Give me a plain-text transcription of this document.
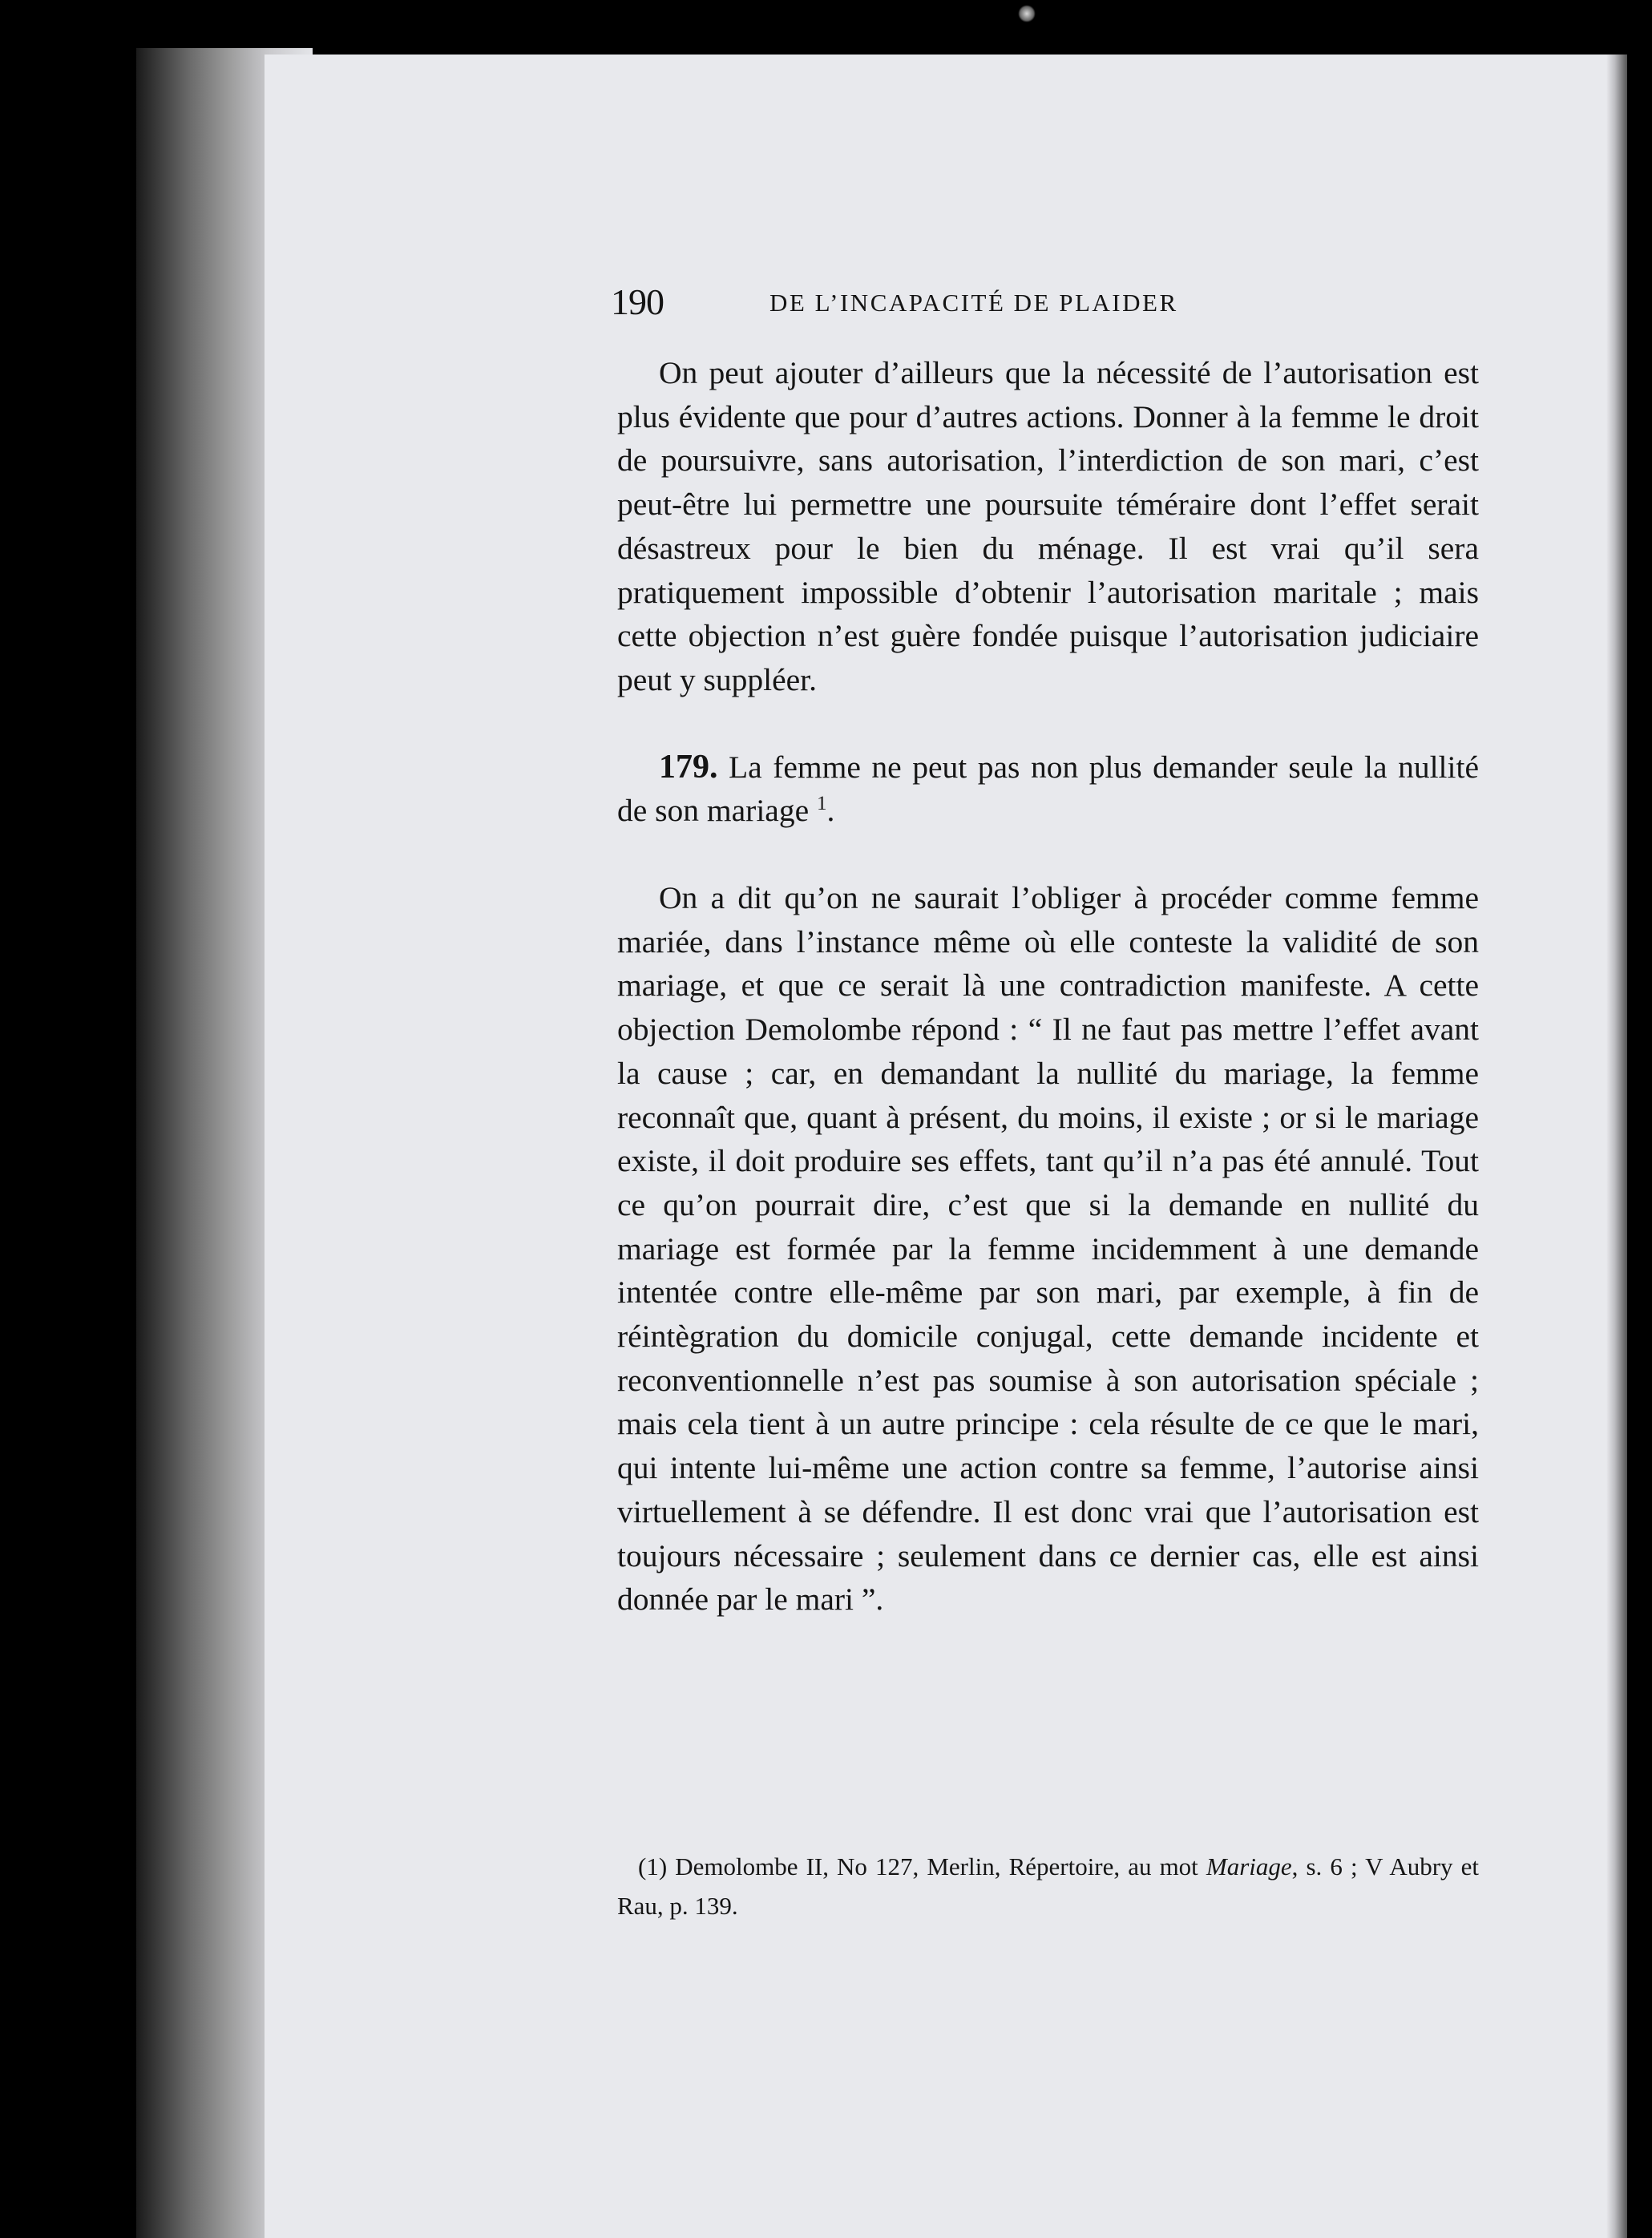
190	DE L’INCAPACITÉ DE PLAIDER

On peut ajouter d’ailleurs que la nécessité de l’autorisation est plus évidente que pour d’autres actions. Donner à la femme le droit de poursuivre, sans autorisation, l’interdiction de son mari, c’est peut-être lui permettre une poursuite téméraire dont l’effet serait désastreux pour le bien du ménage. Il est vrai qu’il sera pratiquement impossible d’obtenir l’autorisation maritale ; mais cette objection n’est guère fondée puisque l’autorisation judiciaire peut y suppléer.

179. La femme ne peut pas non plus demander seule la nullité de son mariage $^1$.

On a dit qu’on ne saurait l’obliger à procéder comme femme mariée, dans l’instance même où elle conteste la validité de son mariage, et que ce serait là une contradiction manifeste. A cette objection Demolombe répond : “ Il ne faut pas mettre l’effet avant la cause ; car, en demandant la nullité du mariage, la femme reconnaît que, quant à présent, du moins, il existe ; or si le mariage existe, il doit produire ses effets, tant qu’il n’a pas été annulé. Tout ce qu’on pourrait dire, c’est que si la demande en nullité du mariage est formée par la femme incidemment à une demande intentée contre elle-même par son mari, par exemple, à fin de réintègration du domicile conjugal, cette demande incidente et reconventionnelle n’est pas soumise à son autorisation spéciale ; mais cela tient à un autre principe : cela résulte de ce que le mari, qui intente lui-même une action contre sa femme, l’autorise ainsi virtuellement à se défendre. Il est donc vrai que l’autorisation est toujours nécessaire ; seulement dans ce dernier cas, elle est ainsi donnée par le mari ”.

(1) Demolombe II, No 127, Merlin, Répertoire, au mot Mariage, s. 6 ; V Aubry et Rau, p. 139.
